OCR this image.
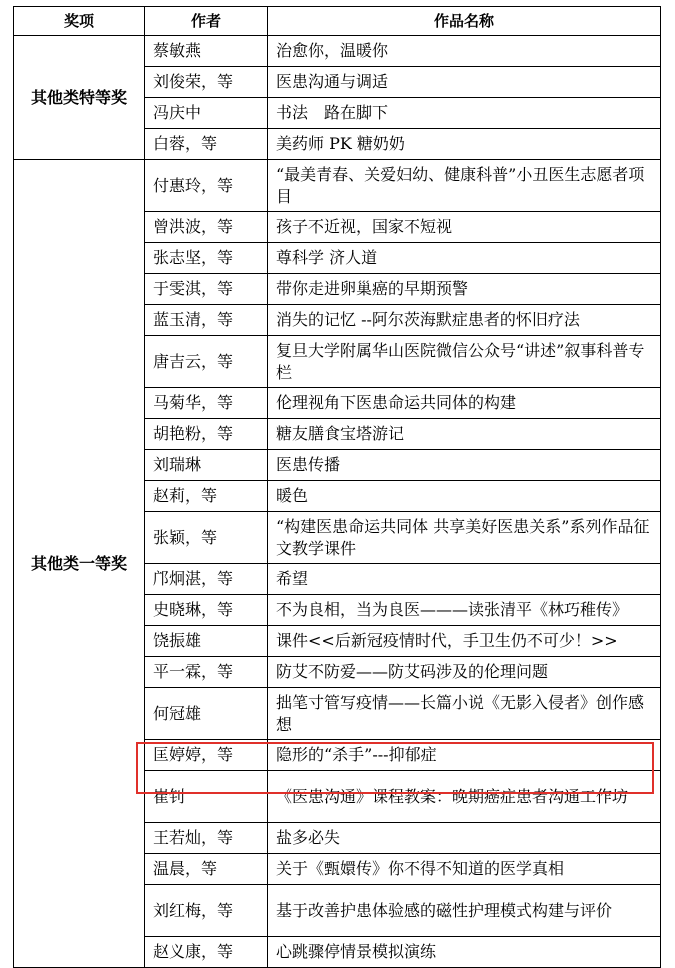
奖项	作者	作品名称
其他类特等奖	蔡敏燕	治愈你，温暖你
	刘俊荣，等	医患沟通与调适
	冯庆中	书法　路在脚下
	白蓉，等	美药师 PK 糖奶奶
其他类一等奖	付惠玲，等	“最美青春、关爱妇幼、健康科普”小丑医生志愿者项目
	曾洪波，等	孩子不近视，国家不短视
	张志坚，等	尊科学 济人道
	于雯淇，等	带你走进卵巢癌的早期预警
	蓝玉清，等	消失的记忆 --阿尔茨海默症患者的怀旧疗法
	唐吉云，等	复旦大学附属华山医院微信公众号“讲述”叙事科普专栏
	马菊华，等	伦理视角下医患命运共同体的构建
	胡艳粉，等	糖友膳食宝塔游记
	刘瑞琳	医患传播
	赵莉，等	暖色
	张颖，等	“构建医患命运共同体 共享美好医患关系”系列作品征文教学课件
	邝炯湛，等	希望
	史晓琳，等	不为良相，当为良医———读张清平《林巧稚传》
	饶振雄	课件<<后新冠疫情时代，手卫生仍不可少！>>
	平一霖，等	防艾不防爱——防艾码涉及的伦理问题
	何冠雄	拙笔寸管写疫情——长篇小说《无影入侵者》创作感想
	匡婷婷，等	隐形的“杀手”---抑郁症
	崔钊	《医患沟通》课程教案：晚期癌症患者沟通工作坊
	王若灿，等	盐多必失
	温晨，等	关于《甄嬛传》你不得不知道的医学真相
	刘红梅，等	基于改善护患体验感的磁性护理模式构建与评价
	赵义康，等	心跳骤停情景模拟演练
